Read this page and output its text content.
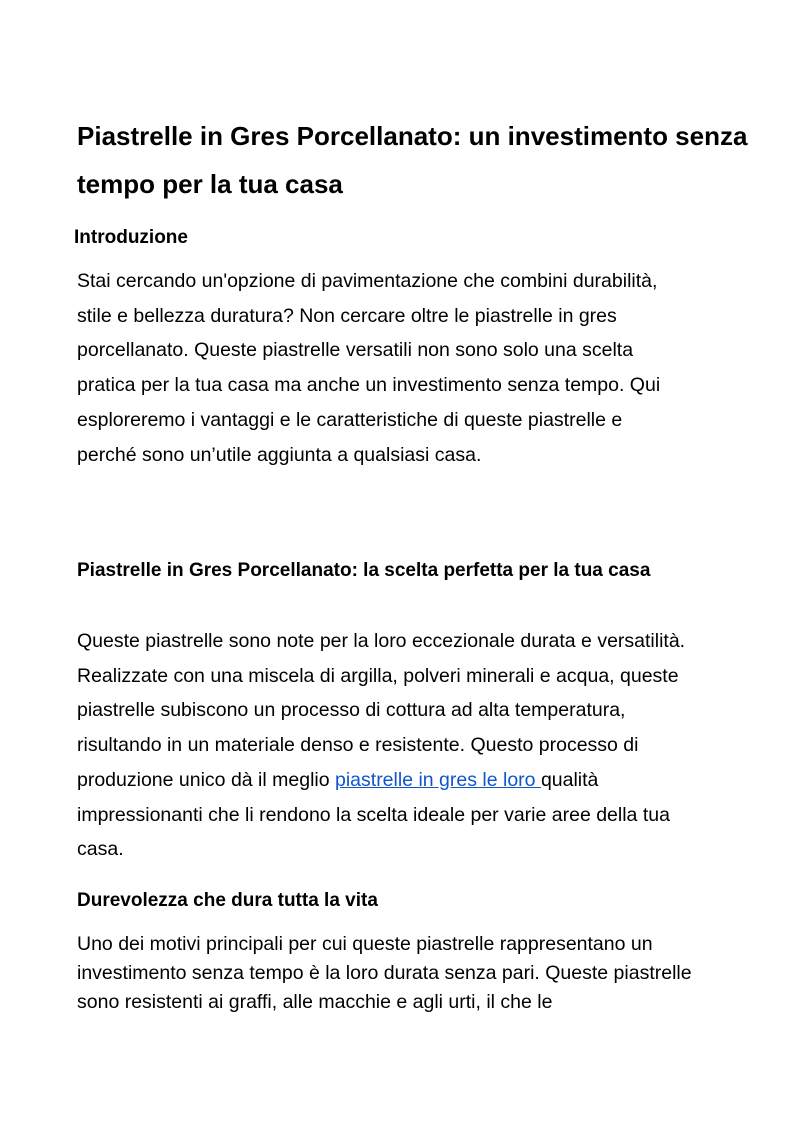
Piastrelle in Gres Porcellanato: un investimento senza tempo per la tua casa
Introduzione

Stai cercando un'opzione di pavimentazione che combini durabilità, stile e bellezza duratura? Non cercare oltre le piastrelle in gres porcellanato. Queste piastrelle versatili non sono solo una scelta pratica per la tua casa ma anche un investimento senza tempo. Qui esploreremo i vantaggi e le caratteristiche di queste piastrelle e perché sono un’utile aggiunta a qualsiasi casa.

Piastrelle in Gres Porcellanato: la scelta perfetta per la tua casa

Queste piastrelle sono note per la loro eccezionale durata e versatilità. Realizzate con una miscela di argilla, polveri minerali e acqua, queste piastrelle subiscono un processo di cottura ad alta temperatura, risultando in un materiale denso e resistente. Questo processo di produzione unico dà il meglio piastrelle in gres le loro qualità impressionanti che li rendono la scelta ideale per varie aree della tua casa.

Durevolezza che dura tutta la vita

Uno dei motivi principali per cui queste piastrelle rappresentano un investimento senza tempo è la loro durata senza pari. Queste piastrelle sono resistenti ai graffi, alle macchie e agli urti, il che le
